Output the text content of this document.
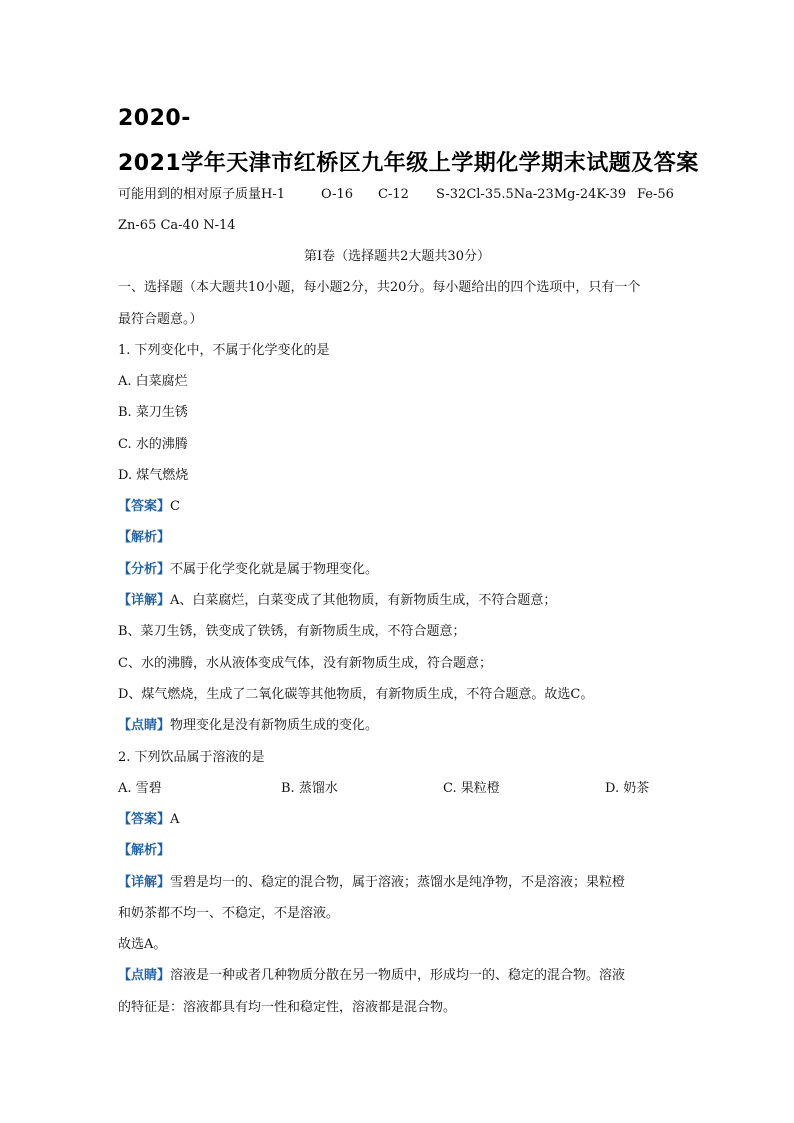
2020-
2021学年天津市红桥区九年级上学期化学期末试题及答案
可能用到的相对原子质量H-1	O-16 C-12 S-32Cl-35.5Na-23Mg-24K-39 Fe-56
Zn-65 Ca-40 N-14
第Ⅰ卷（选择题共2大题共30分）
一、选择题（本大题共10小题，每小题2分，共20分。每小题给出的四个选项中，只有一个
最符合题意。）
1. 下列变化中，不属于化学变化的是
A. 白菜腐烂
B. 菜刀生锈
C. 水的沸腾
D. 煤气燃烧
【答案】C
【解析】
【分析】不属于化学变化就是属于物理变化。
【详解】A、白菜腐烂，白菜变成了其他物质，有新物质生成，不符合题意；
B、菜刀生锈，铁变成了铁锈，有新物质生成，不符合题意；
C、水的沸腾，水从液体变成气体，没有新物质生成，符合题意；
D、煤气燃烧，生成了二氧化碳等其他物质，有新物质生成，不符合题意。故选C。
【点睛】物理变化是没有新物质生成的变化。
2. 下列饮品属于溶液的是
A. 雪碧	B. 蒸馏水	C. 果粒橙	D. 奶茶
【答案】A
【解析】
【详解】雪碧是均一的、稳定的混合物，属于溶液；蒸馏水是纯净物，不是溶液；果粒橙
和奶茶都不均一、不稳定，不是溶液。
故选A。
【点睛】溶液是一种或者几种物质分散在另一物质中，形成均一的、稳定的混合物。溶液
的特征是：溶液都具有均一性和稳定性，溶液都是混合物。
